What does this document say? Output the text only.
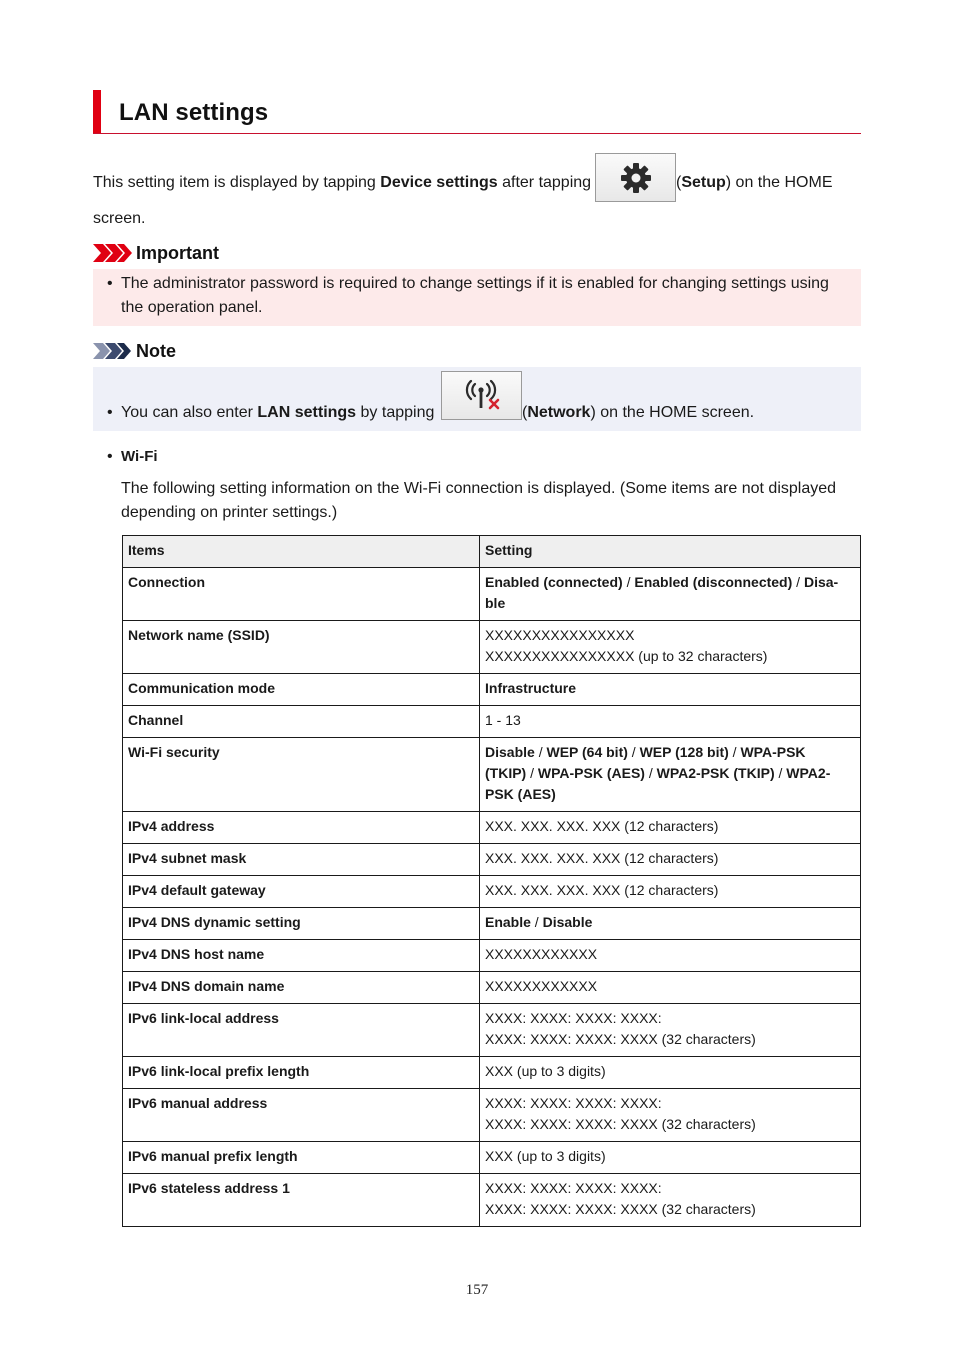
LAN settings
This setting item is displayed by tapping Device settings after tapping	(Setup) on the HOME
screen.
Important
• The administrator password is required to change settings if it is enabled for changing settings using
the operation panel.
Note
• You can also enter LAN settings by tapping	(Network) on the HOME screen.
• Wi-Fi
The following setting information on the Wi-Fi connection is displayed. (Some items are not displayed
depending on printer settings.)
Items	Setting
Connection	Enabled (connected) / Enabled (disconnected) / Disa-
ble
Network name (SSID)	XXXXXXXXXXXXXXXX
XXXXXXXXXXXXXXXX (up to 32 characters)

Communication mode	Infrastructure
Channel	1 - 13
Wi-Fi security	Disable / WEP (64 bit) / WEP (128 bit) / WPA-PSK
(TKIP) / WPA-PSK (AES) / WPA2-PSK (TKIP) / WPA2-
PSK (AES)
IPv4 address	XXX. XXX. XXX. XXX (12 characters)
IPv4 subnet mask	XXX. XXX. XXX. XXX (12 characters)
IPv4 default gateway	XXX. XXX. XXX. XXX (12 characters)
IPv4 DNS dynamic setting	Enable / Disable
IPv4 DNS host name	XXXXXXXXXXXX
IPv4 DNS domain name	XXXXXXXXXXXX
IPv6 link-local address	XXXX: XXXX: XXXX: XXXX:
XXXX: XXXX: XXXX: XXXX (32 characters)

IPv6 link-local prefix length	XXX (up to 3 digits)
IPv6 manual address	XXXX: XXXX: XXXX: XXXX:
XXXX: XXXX: XXXX: XXXX (32 characters)

IPv6 manual prefix length	XXX (up to 3 digits)
IPv6 stateless address 1	XXXX: XXXX: XXXX: XXXX:
XXXX: XXXX: XXXX: XXXX (32 characters)
157
